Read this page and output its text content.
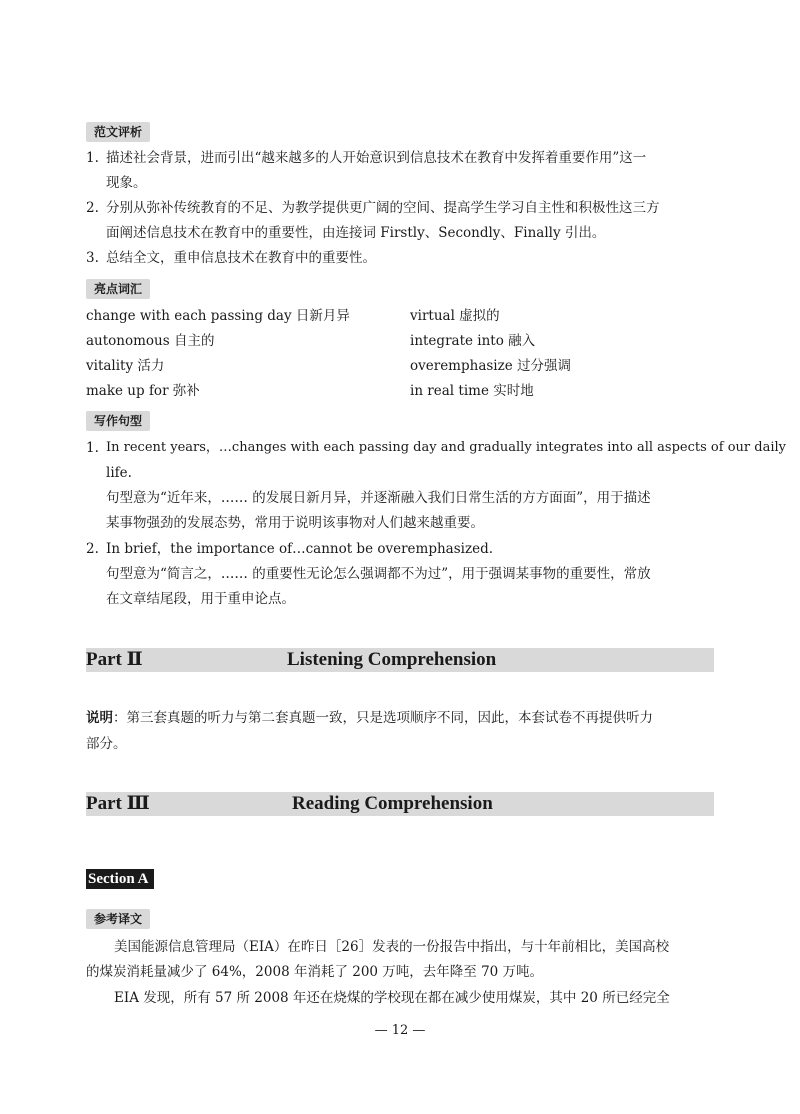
范文评析
1. 描述社会背景，进而引出“越来越多的人开始意识到信息技术在教育中发挥着重要作用”这一
现象。
2. 分别从弥补传统教育的不足、为教学提供更广阔的空间、提高学生学习自主性和积极性这三方
面阐述信息技术在教育中的重要性，由连接词 Firstly、Secondly、Finally 引出。
3. 总结全文，重申信息技术在教育中的重要性。
亮点词汇
change with each passing day 日新月异
autonomous 自主的
vitality 活力
make up for 弥补
virtual 虚拟的
integrate into 融入
overemphasize 过分强调
in real time 实时地
写作句型
1. In recent years，…changes with each passing day and gradually integrates into all aspects of our daily
life.
句型意为“近年来，…… 的发展日新月异，并逐渐融入我们日常生活的方方面面”，用于描述
某事物强劲的发展态势，常用于说明该事物对人们越来越重要。
2. In brief，the importance of…cannot be overemphasized.
句型意为“简言之，…… 的重要性无论怎么强调都不为过”，用于强调某事物的重要性，常放
在文章结尾段，用于重申论点。
Part Ⅱ	Listening Comprehension
说明：第三套真题的听力与第二套真题一致，只是选项顺序不同，因此，本套试卷不再提供听力
部分。
Part Ⅲ	Reading Comprehension
Section A
参考译文
美国能源信息管理局（EIA）在昨日［26］发表的一份报告中指出，与十年前相比，美国高校
的煤炭消耗量减少了 64%，2008 年消耗了 200 万吨，去年降至 70 万吨。
EIA 发现，所有 57 所 2008 年还在烧煤的学校现在都在减少使用煤炭，其中 20 所已经完全
— 12 —
